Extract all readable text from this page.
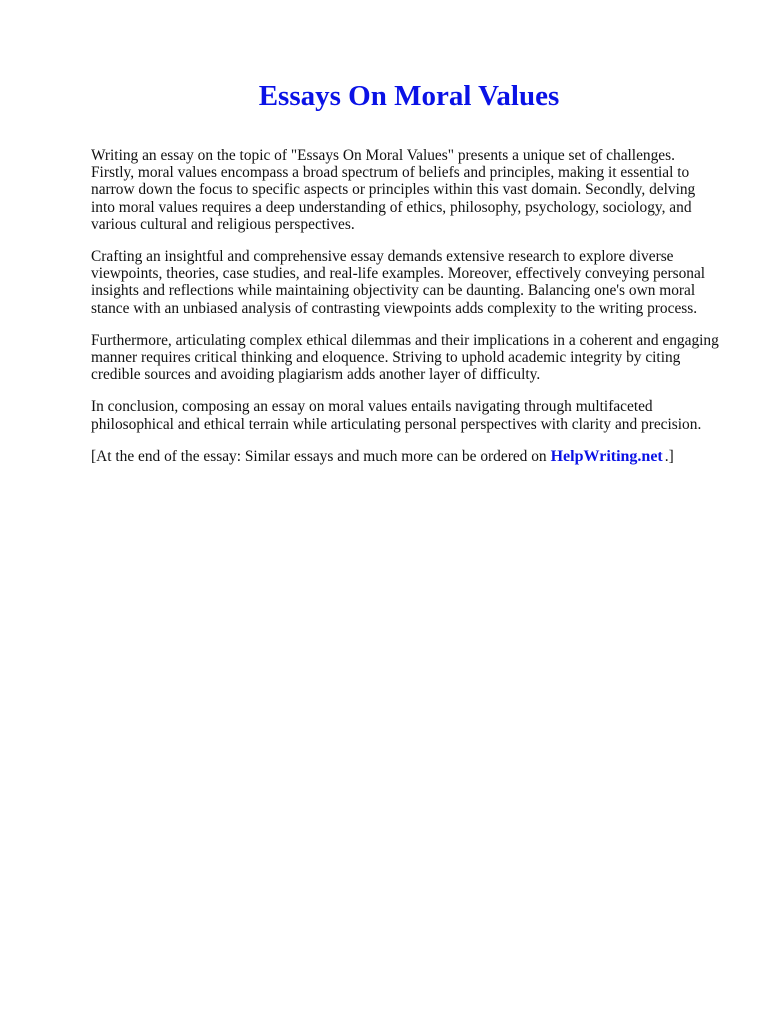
Essays On Moral Values

Writing an essay on the topic of "Essays On Moral Values" presents a unique set of challenges. Firstly, moral values encompass a broad spectrum of beliefs and principles, making it essential to narrow down the focus to specific aspects or principles within this vast domain. Secondly, delving into moral values requires a deep understanding of ethics, philosophy, psychology, sociology, and various cultural and religious perspectives.

Crafting an insightful and comprehensive essay demands extensive research to explore diverse viewpoints, theories, case studies, and real-life examples. Moreover, effectively conveying personal insights and reflections while maintaining objectivity can be daunting. Balancing one's own moral stance with an unbiased analysis of contrasting viewpoints adds complexity to the writing process.

Furthermore, articulating complex ethical dilemmas and their implications in a coherent and engaging manner requires critical thinking and eloquence. Striving to uphold academic integrity by citing credible sources and avoiding plagiarism adds another layer of difficulty.

In conclusion, composing an essay on moral values entails navigating through multifaceted philosophical and ethical terrain while articulating personal perspectives with clarity and precision.

[At the end of the essay: Similar essays and much more can be ordered on HelpWriting.net .]
